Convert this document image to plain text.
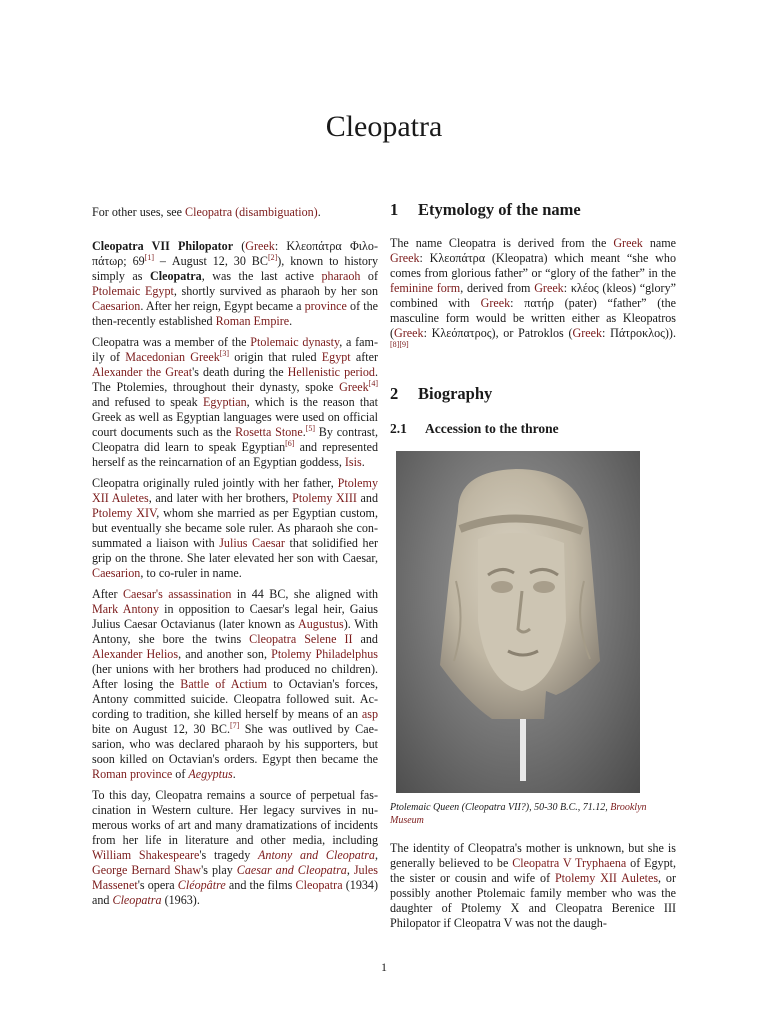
Cleopatra

For other uses, see Cleopatra (disambiguation).

Cleopatra VII Philopator (Greek: Κλεοπάτρα Φιλοπάτωρ; 69[1] – August 12, 30 BC[2]), known to history simply as Cleopatra, was the last active pharaoh of Ptolemaic Egypt, shortly survived as pharaoh by her son Caesarion. After her reign, Egypt became a province of the then-recently established Roman Empire.

Cleopatra was a member of the Ptolemaic dynasty, a family of Macedonian Greek[3] origin that ruled Egypt after Alexander the Great's death during the Hellenistic period. The Ptolemies, throughout their dynasty, spoke Greek[4] and refused to speak Egyptian, which is the reason that Greek as well as Egyptian languages were used on official court documents such as the Rosetta Stone.[5] By contrast, Cleopatra did learn to speak Egyptian[6] and represented herself as the reincarnation of an Egyptian goddess, Isis.

Cleopatra originally ruled jointly with her father, Ptolemy XII Auletes, and later with her brothers, Ptolemy XIII and Ptolemy XIV, whom she married as per Egyptian custom, but eventually she became sole ruler. As pharaoh she consummated a liaison with Julius Caesar that solidified her grip on the throne. She later elevated her son with Caesar, Caesarion, to co-ruler in name.

After Caesar's assassination in 44 BC, she aligned with Mark Antony in opposition to Caesar's legal heir, Gaius Julius Caesar Octavianus (later known as Augustus). With Antony, she bore the twins Cleopatra Selene II and Alexander Helios, and another son, Ptolemy Philadelphus (her unions with her brothers had produced no children). After losing the Battle of Actium to Octavian's forces, Antony committed suicide. Cleopatra followed suit. According to tradition, she killed herself by means of an asp bite on August 12, 30 BC.[7] She was outlived by Caesarion, who was declared pharaoh by his supporters, but soon killed on Octavian's orders. Egypt then became the Roman province of Aegyptus.

To this day, Cleopatra remains a source of perpetual fascination in Western culture. Her legacy survives in numerous works of art and many dramatizations of incidents from her life in literature and other media, including William Shakespeare's tragedy Antony and Cleopatra, George Bernard Shaw's play Caesar and Cleopatra, Jules Massenet's opera Cléopâtre and the films Cleopatra (1934) and Cleopatra (1963).

1 Etymology of the name

The name Cleopatra is derived from the Greek name Greek: Κλεοπάτρα (Kleopatra) which meant “she who comes from glorious father” or “glory of the father” in the feminine form, derived from Greek: κλέος (kleos) “glory” combined with Greek: πατήρ (pater) “father” (the masculine form would be written either as Kleopatros (Greek: Κλεόπατρος), or Patroklos (Greek: Πάτροκλος)).[8][9]

2 Biography
2.1 Accession to the throne

Ptolemaic Queen (Cleopatra VII?), 50-30 B.C., 71.12, Brooklyn Museum

The identity of Cleopatra's mother is unknown, but she is generally believed to be Cleopatra V Tryphaena of Egypt, the sister or cousin and wife of Ptolemy XII Auletes, or possibly another Ptolemaic family member who was the daughter of Ptolemy X and Cleopatra Berenice III Philopator if Cleopatra V was not the daugh-

1
